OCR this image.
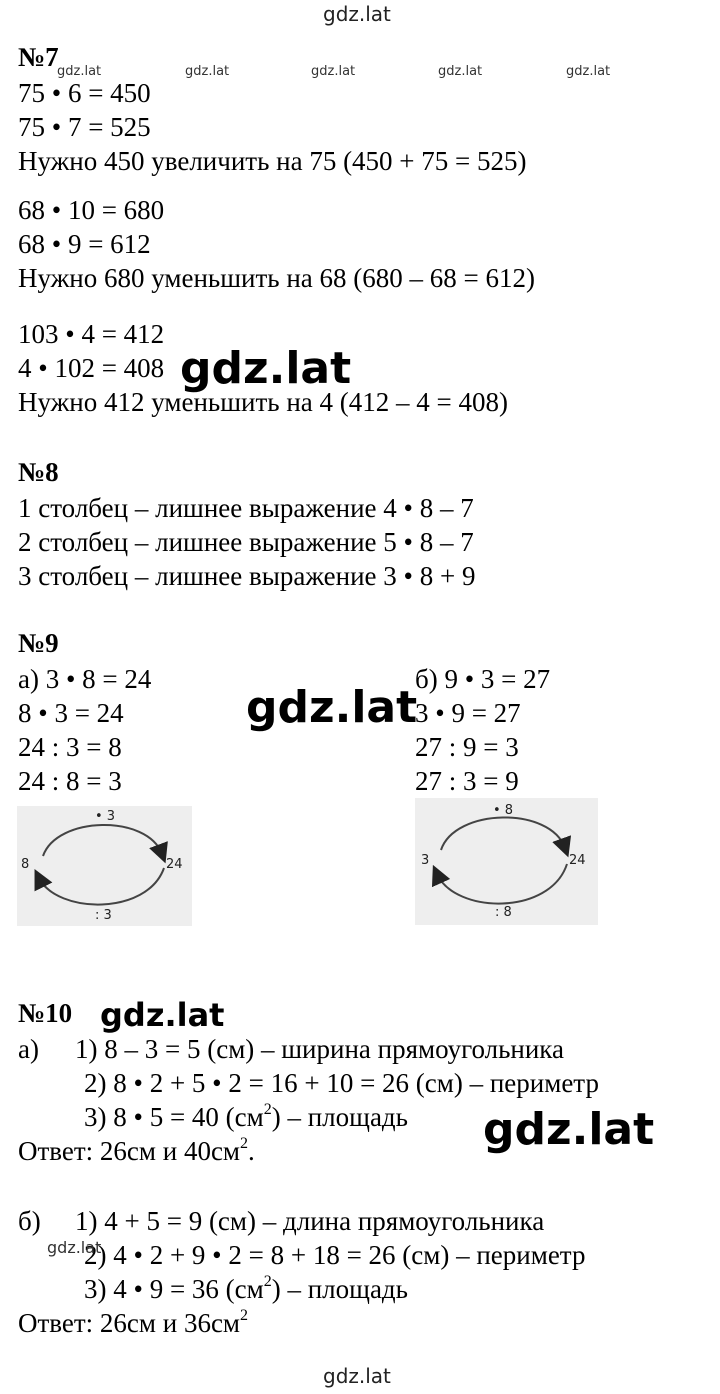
gdz.lat
gdz.lat	gdz.lat	gdz.lat	gdz.lat	gdz.lat
№7
75 • 6 = 450
75 • 7 = 525
Нужно 450 увеличить на 75 (450 + 75 = 525)
68 • 10 = 680
68 • 9 = 612
Нужно 680 уменьшить на 68 (680 – 68 = 612)
103 • 4 = 412
4 • 102 = 408
Нужно 412 уменьшить на 4 (412 – 4 = 408)
gdz.lat
№8
1 столбец – лишнее выражение 4 • 8 – 7
2 столбец – лишнее выражение 5 • 8 – 7
3 столбец – лишнее выражение 3 • 8 + 9
№9
а) 3 • 8 = 24
8 • 3 = 24
24 : 3 = 8
24 : 8 = 3
б) 9 • 3 = 27
3 • 9 = 27
27 : 9 = 3
27 : 3 = 9
gdz.lat
• 3
8	24
: 3
• 8
3	24
: 8
№10 gdz.lat
а) 1) 8 – 3 = 5 (см) – ширина прямоугольника
2) 8 • 2 + 5 • 2 = 16 + 10 = 26 (см) – периметр
3) 8 • 5 = 40 $(см^2)$ – площадь
Ответ: 26см и $40см^2$.	gdz.lat
б) 1) 4 + 5 = 9 (см) – длина прямоугольника
2) 4 • 2 + 9 • 2 = 8 + 18 = 26 (см) – периметр
gdz.lat
3) 4 • 9 = 36 $(см^2)$ – площадь
Ответ: 26см и $36см^2$
gdz.lat
